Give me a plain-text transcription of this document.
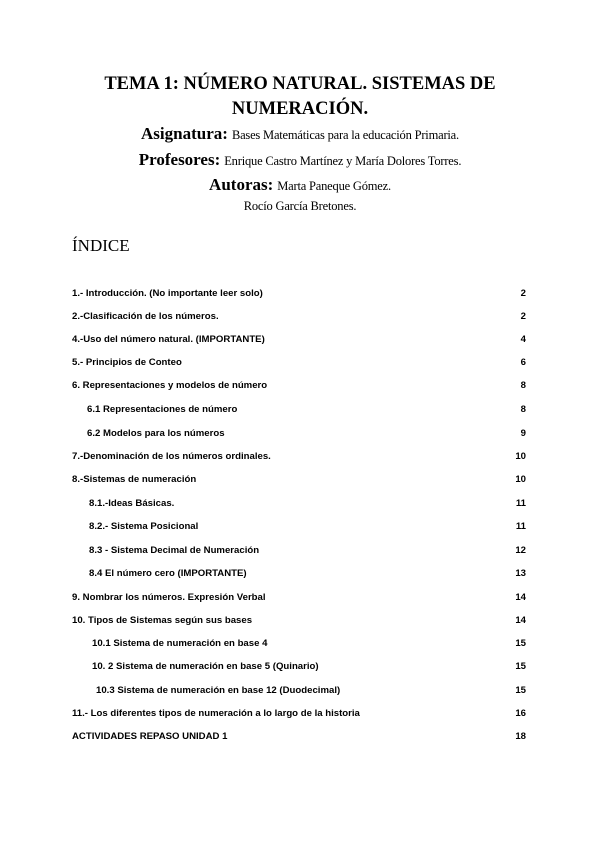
TEMA 1: NÚMERO NATURAL. SISTEMAS DE
NUMERACIÓN.
Asignatura: Bases Matemáticas para la educación Primaria.
Profesores: Enrique Castro Martínez y María Dolores Torres.
Autoras: Marta Paneque Gómez.
Rocío García Bretones.
ÍNDICE
1.- Introducción. (No importante leer solo)	2
2.-Clasificación de los números.	2
4.-Uso del número natural. (IMPORTANTE)	4
5.- Principios de Conteo	6
6. Representaciones y modelos de número	8
6.1 Representaciones de número	8
6.2 Modelos para los números	9
7.-Denominación de los números ordinales.	10
8.-Sistemas de numeración	10
8.1.-Ideas Básicas.	11
8.2.- Sistema Posicional	11
8.3 - Sistema Decimal de Numeración	12
8.4 El número cero (IMPORTANTE)	13
9. Nombrar los números. Expresión Verbal	14
10. Tipos de Sistemas según sus bases	14
10.1 Sistema de numeración en base 4	15
10. 2 Sistema de numeración en base 5 (Quinario)	15
10.3 Sistema de numeración en base 12 (Duodecimal)	15
11.- Los diferentes tipos de numeración a lo largo de la historia	16
ACTIVIDADES REPASO UNIDAD 1	18
